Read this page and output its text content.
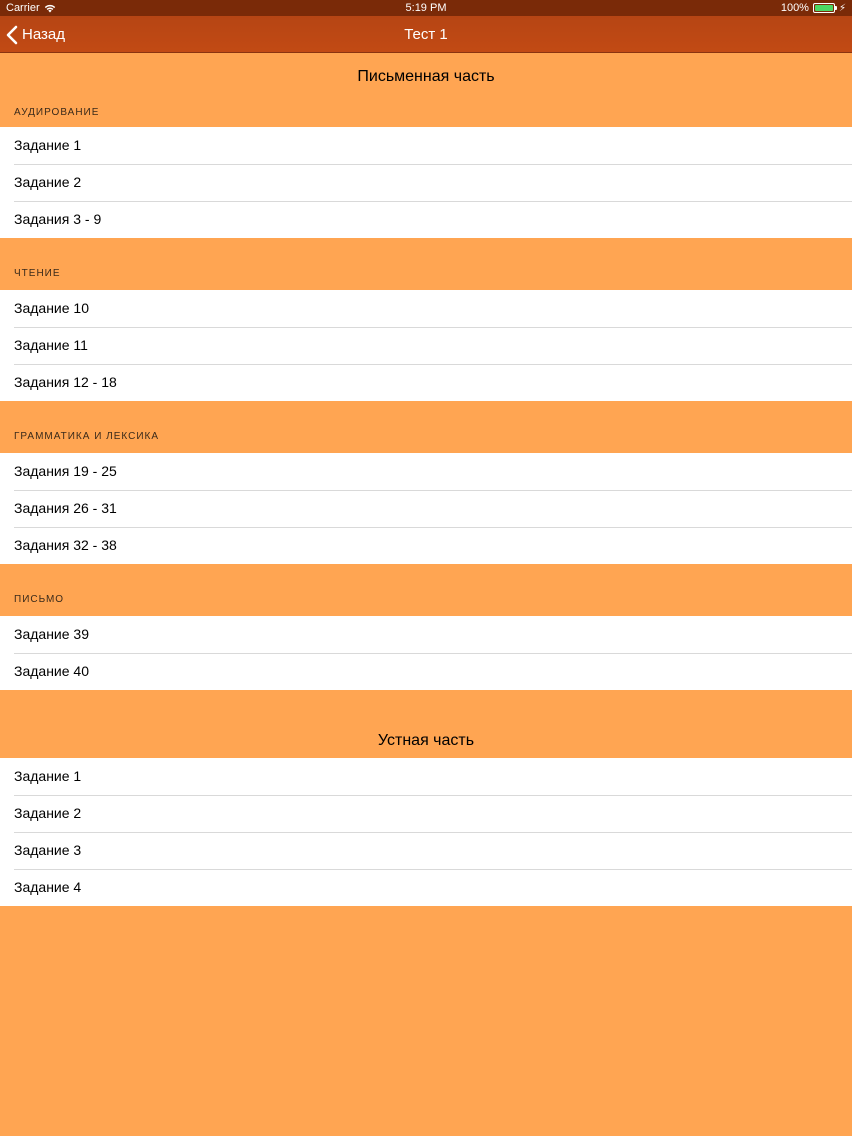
Carrier	5:19 PM	100%	⚡
Назад	Тест 1
Письменная часть
АУДИРОВАНИЕ
Задание 1
Задание 2
Задания 3 - 9
ЧТЕНИЕ
Задание 10
Задание 11
Задания 12 - 18
ГРАММАТИКА И ЛЕКСИКА
Задания 19 - 25
Задания 26 - 31
Задания 32 - 38
ПИСЬМО
Задание 39
Задание 40
Устная часть
Задание 1
Задание 2
Задание 3
Задание 4
